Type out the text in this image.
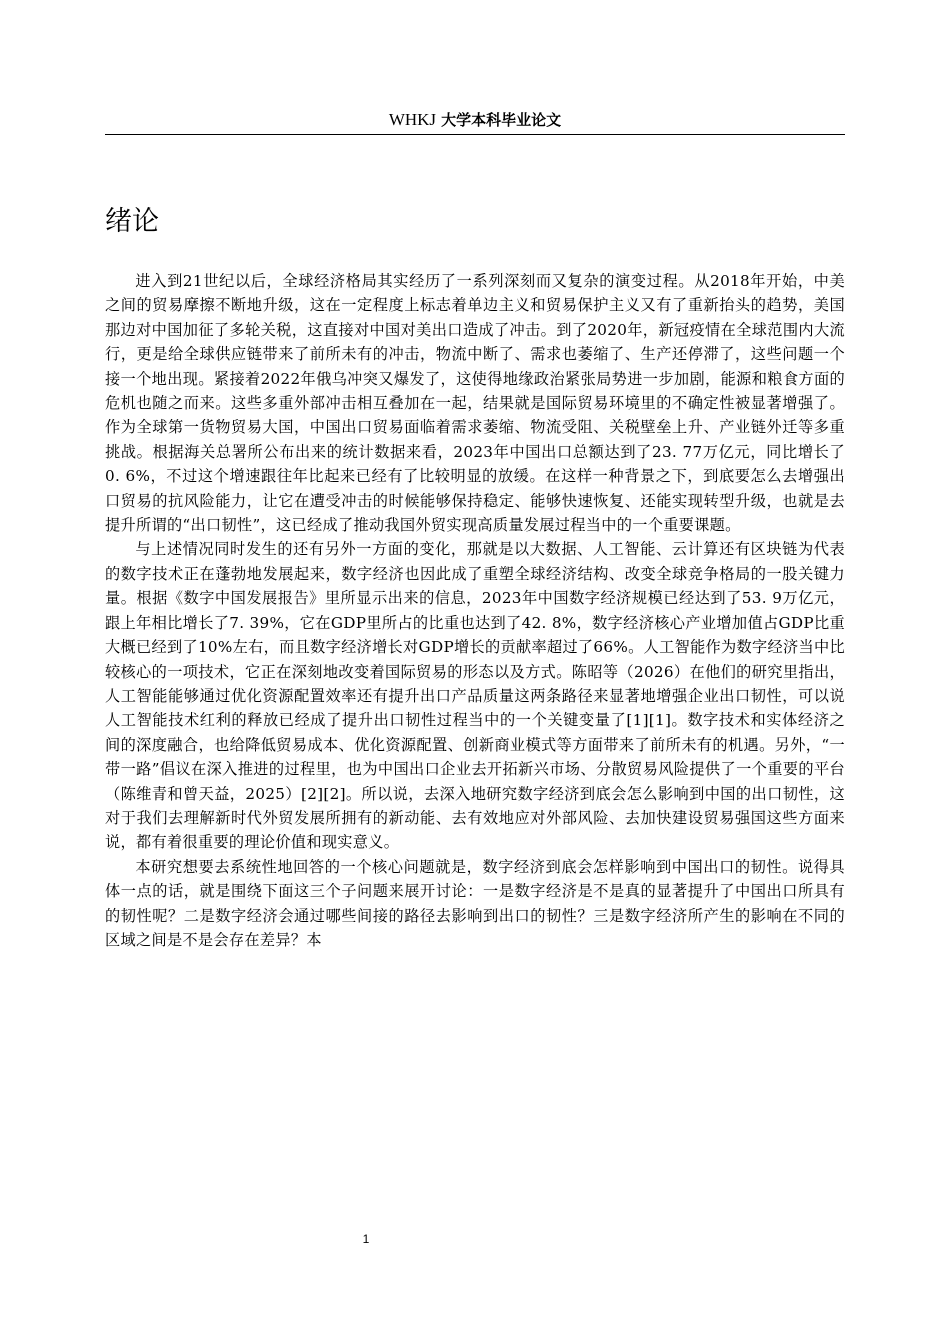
WHKJ 大学本科毕业论文
绪论

进入到21世纪以后，全球经济格局其实经历了一系列深刻而又复杂的演变过程。从2018年开始，中美之间的贸易摩擦不断地升级，这在一定程度上标志着单边主义和贸易保护主义又有了重新抬头的趋势，美国那边对中国加征了多轮关税，这直接对中国对美出口造成了冲击。到了2020年，新冠疫情在全球范围内大流行，更是给全球供应链带来了前所未有的冲击，物流中断了、需求也萎缩了、生产还停滞了，这些问题一个接一个地出现。紧接着2022年俄乌冲突又爆发了，这使得地缘政治紧张局势进一步加剧，能源和粮食方面的危机也随之而来。这些多重外部冲击相互叠加在一起，结果就是国际贸易环境里的不确定性被显著增强了。作为全球第一货物贸易大国，中国出口贸易面临着需求萎缩、物流受阻、关税壁垒上升、产业链外迁等多重挑战。根据海关总署所公布出来的统计数据来看，2023年中国出口总额达到了23. 77万亿元，同比增长了0. 6%，不过这个增速跟往年比起来已经有了比较明显的放缓。在这样一种背景之下，到底要怎么去增强出口贸易的抗风险能力，让它在遭受冲击的时候能够保持稳定、能够快速恢复、还能实现转型升级，也就是去提升所谓的“出口韧性”，这已经成了推动我国外贸实现高质量发展过程当中的一个重要课题。

与上述情况同时发生的还有另外一方面的变化，那就是以大数据、人工智能、云计算还有区块链为代表的数字技术正在蓬勃地发展起来，数字经济也因此成了重塑全球经济结构、改变全球竞争格局的一股关键力量。根据《数字中国发展报告》里所显示出来的信息，2023年中国数字经济规模已经达到了53. 9万亿元，跟上年相比增长了7. 39%，它在GDP里所占的比重也达到了42. 8%，数字经济核心产业增加值占GDP比重大概已经到了10%左右，而且数字经济增长对GDP增长的贡献率超过了66%。人工智能作为数字经济当中比较核心的一项技术，它正在深刻地改变着国际贸易的形态以及方式。陈昭等（2026）在他们的研究里指出，人工智能能够通过优化资源配置效率还有提升出口产品质量这两条路径来显著地增强企业出口韧性，可以说人工智能技术红利的释放已经成了提升出口韧性过程当中的一个关键变量了[1][1]。数字技术和实体经济之间的深度融合，也给降低贸易成本、优化资源配置、创新商业模式等方面带来了前所未有的机遇。另外，“一带一路”倡议在深入推进的过程里，也为中国出口企业去开拓新兴市场、分散贸易风险提供了一个重要的平台（陈维青和曾天益，2025）[2][2]。所以说，去深入地研究数字经济到底会怎么影响到中国的出口韧性，这对于我们去理解新时代外贸发展所拥有的新动能、去有效地应对外部风险、去加快建设贸易强国这些方面来说，都有着很重要的理论价值和现实意义。

本研究想要去系统性地回答的一个核心问题就是，数字经济到底会怎样影响到中国出口的韧性。说得具体一点的话，就是围绕下面这三个子问题来展开讨论：一是数字经济是不是真的显著提升了中国出口所具有的韧性呢？二是数字经济会通过哪些间接的路径去影响到出口的韧性？三是数字经济所产生的影响在不同的区域之间是不是会存在差异？本

1
